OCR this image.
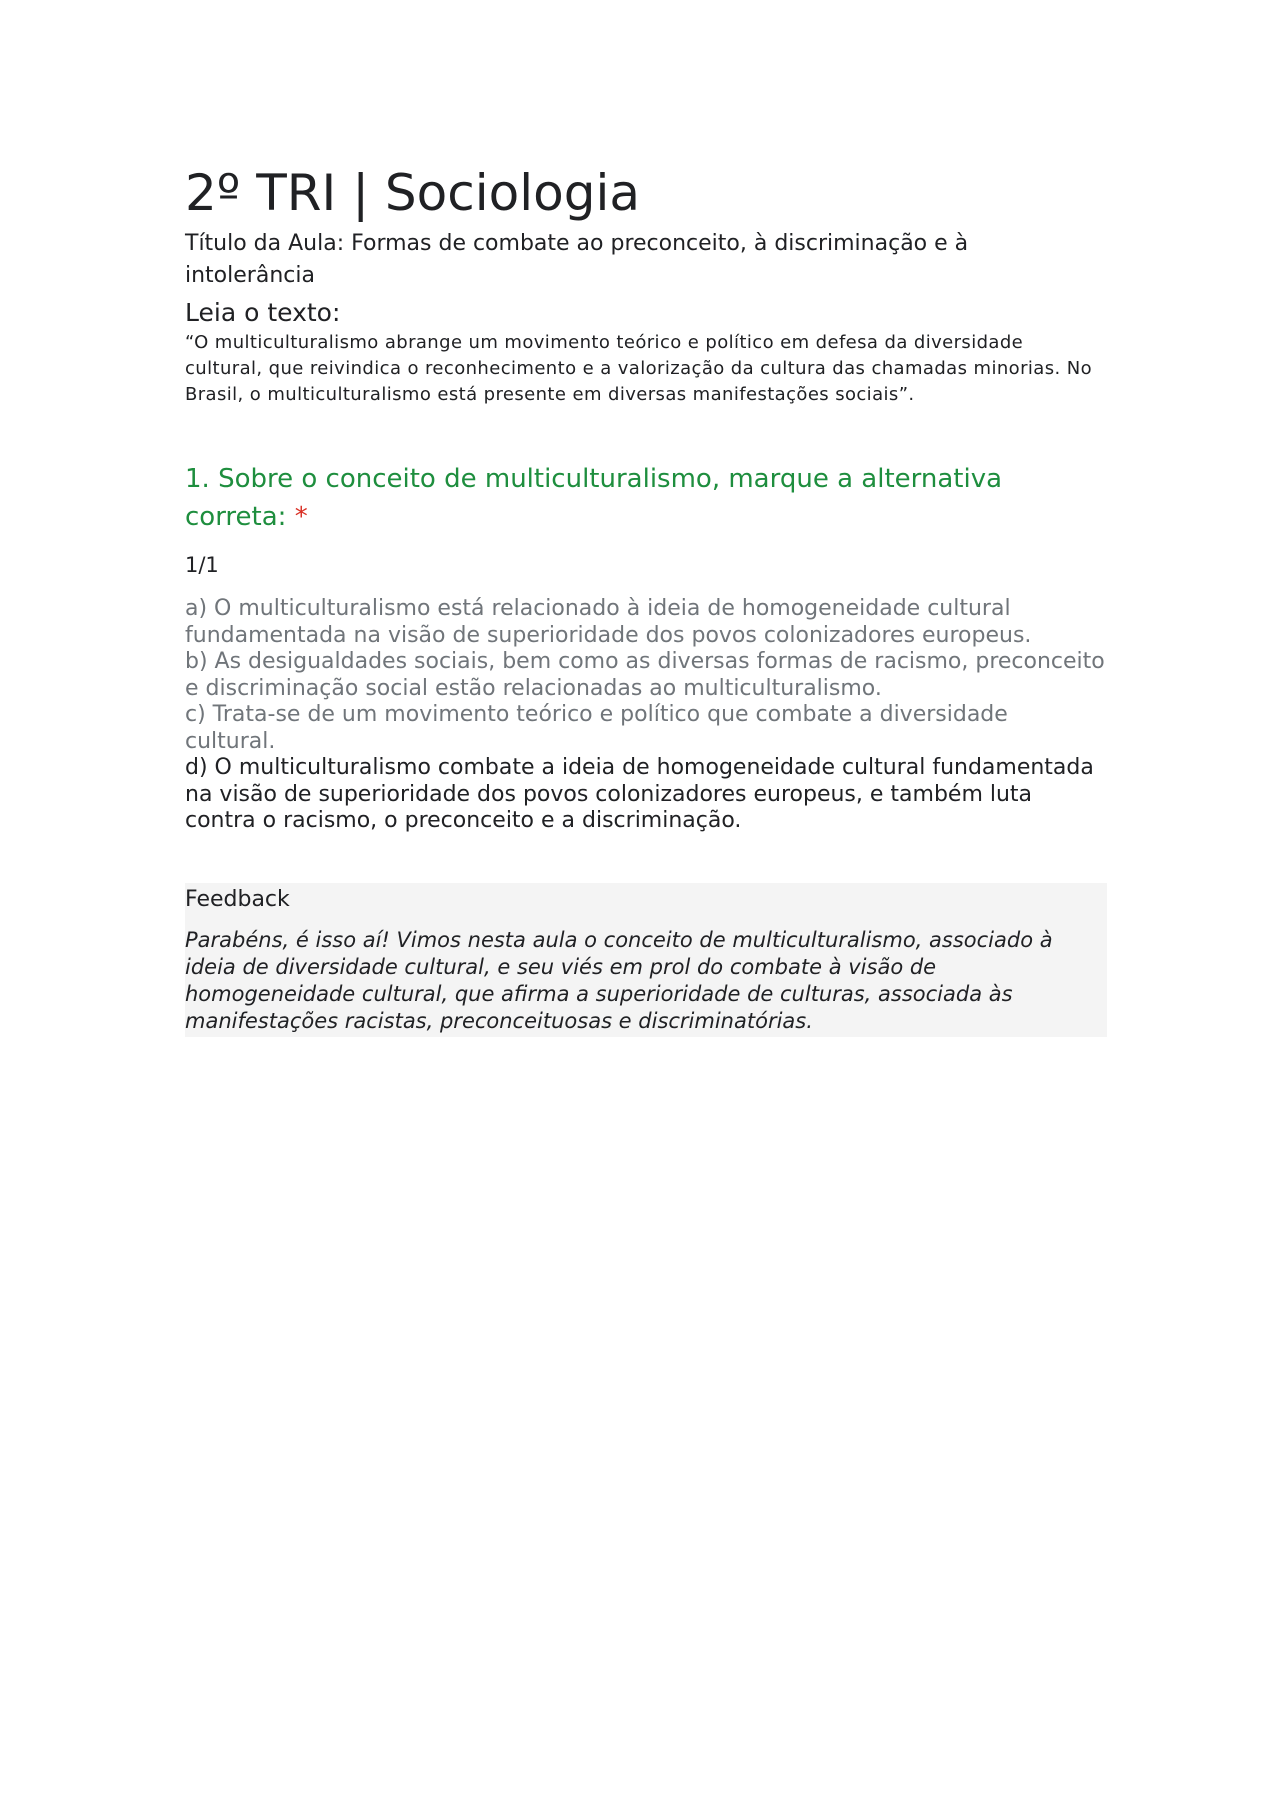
2º TRI | Sociologia

Título da Aula: Formas de combate ao preconceito, à discriminação e à intolerância

Leia o texto:

“O multiculturalismo abrange um movimento teórico e político em defesa da diversidade cultural, que reivindica o reconhecimento e a valorização da cultura das chamadas minorias. No Brasil, o multiculturalismo está presente em diversas manifestações sociais”.

1. Sobre o conceito de multiculturalismo, marque a alternativa correta: *
1/1

a) O multiculturalismo está relacionado à ideia de homogeneidade cultural fundamentada na visão de superioridade dos povos colonizadores europeus.

b) As desigualdades sociais, bem como as diversas formas de racismo, preconceito e discriminação social estão relacionadas ao multiculturalismo.

c) Trata-se de um movimento teórico e político que combate a diversidade cultural.

d) O multiculturalismo combate a ideia de homogeneidade cultural fundamentada na visão de superioridade dos povos colonizadores europeus, e também luta contra o racismo, o preconceito e a discriminação.

Feedback

Parabéns, é isso aí! Vimos nesta aula o conceito de multiculturalismo, associado à ideia de diversidade cultural, e seu viés em prol do combate à visão de homogeneidade cultural, que afirma a superioridade de culturas, associada às manifestações racistas, preconceituosas e discriminatórias.
